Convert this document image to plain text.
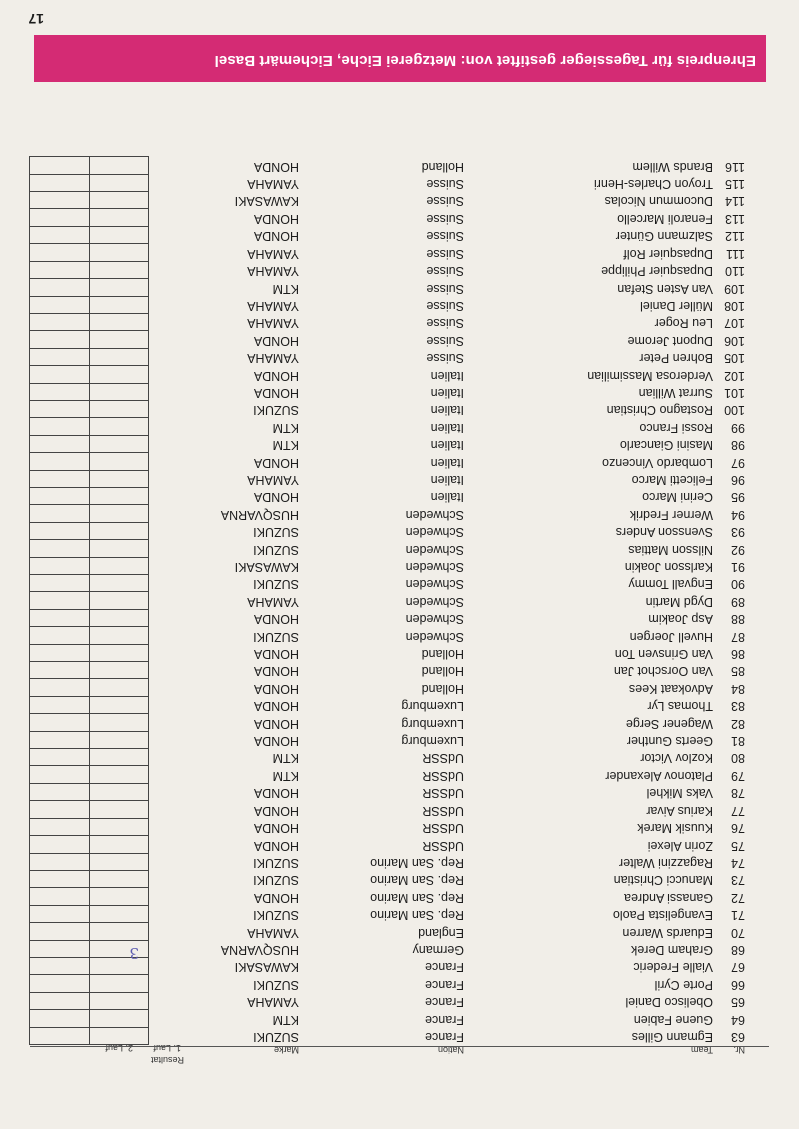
Nr.
Team
Nation
Marke
Resultat
1. Lauf
2. Lauf
63
Egmann Gilles
France
SUZUKI
64
Guene Fabien
France
KTM
65
Obelisco Daniel
France
YAMAHA
66
Porte Cyril
France
SUZUKI
67
Vialle Frederic
France
KAWASAKI
68
Graham Derek
Germany
HUSQVARNA
70
Eduards Warren
England
YAMAHA
71
Evangelista Paolo
Rep. San Marino
SUZUKI
72
Ganassi Andrea
Rep. San Marino
HONDA
73
Manucci Christian
Rep. San Marino
SUZUKI
74
Ragazzini Walter
Rep. San Marino
SUZUKI
75
Zorin Alexei
UdSSR
HONDA
76
Kuusik Marek
UdSSR
HONDA
77
Karius Aivar
UdSSR
HONDA
78
Vaks Mikhel
UdSSR
HONDA
79
Platonov Alexander
UdSSR
KTM
80
Kozlov Victor
UdSSR
KTM
81
Geerts Gunther
Luxemburg
HONDA
82
Wagener Serge
Luxemburg
HONDA
83
Thomas Lyr
Luxemburg
HONDA
84
Advokaat Kees
Holland
HONDA
85
Van Oorschot Jan
Holland
HONDA
86
Van Grinsven Ton
Holland
HONDA
87
Huvell Joergen
Schweden
SUZUKI
88
Asp Joakim
Schweden
HONDA
89
Dygd Martin
Schweden
YAMAHA
90
Engvall Tommy
Schweden
SUZUKI
91
Karlsson Joakin
Schweden
KAWASAKI
92
Nilsson Mattias
Schweden
SUZUKI
93
Svensson Anders
Schweden
SUZUKI
94
Werner Fredrik
Schweden
HUSQVARNA
95
Cerini Marco
Italien
HONDA
96
Felicetti Marco
Italien
YAMAHA
97
Lombardo Vincenzo
Italien
HONDA
98
Masini Giancarlo
Italien
KTM
99
Rossi Franco
Italien
KTM
100
Rostagno Christian
Italien
SUZUKI
101
Surrat Willian
Italien
HONDA
102
Verderosa Massimilian
Italien
HONDA
105
Bohren Peter
Suisse
YAMAHA
106
Dupont Jerome
Suisse
HONDA
107
Leu Roger
Suisse
YAMAHA
108
Müller Daniel
Suisse
YAMAHA
109
Van Asten Stefan
Suisse
KTM
110
Dupasquier Philippe
Suisse
YAMAHA
111
Dupasquier Rolf
Suisse
YAMAHA
112
Salzmann Günter
Suisse
HONDA
113
Fenaroli Marcello
Suisse
HONDA
114
Ducommun Nicolas
Suisse
KAWASAKI
115
Troyon Charles-Henri
Suisse
YAMAHA
116
Brands Willem
Holland
HONDA
3
Ehrenpreis für Tagessieger gestiftet von: Metzgerei Eiche, Eichemärt Basel
17
